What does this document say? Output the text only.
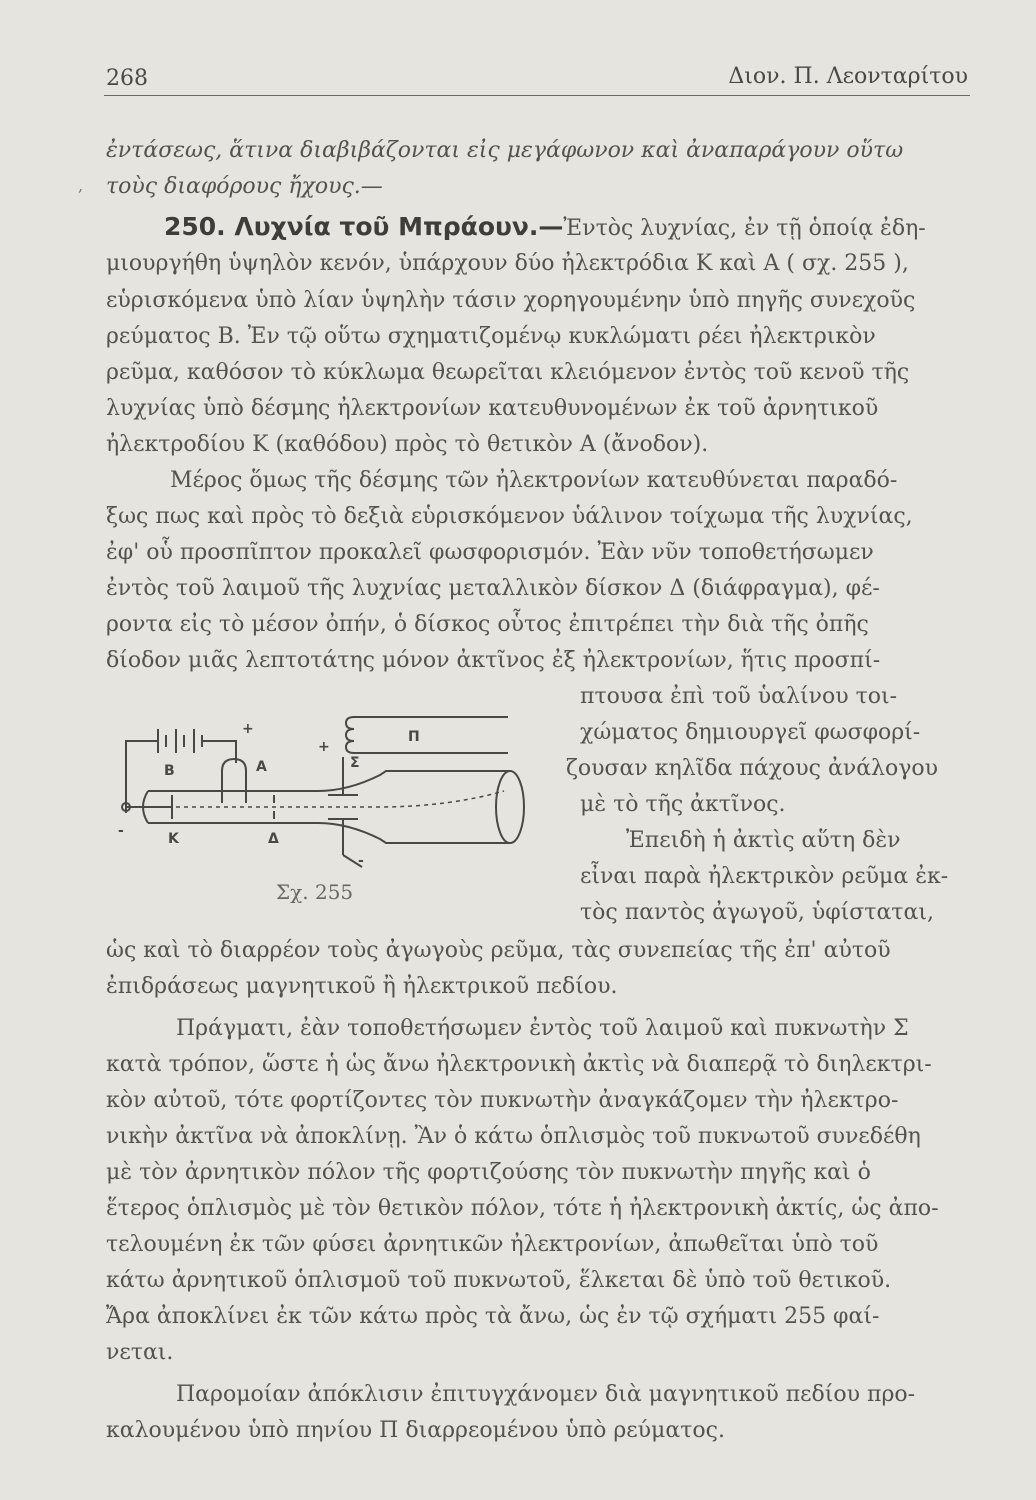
268	Διον. Π. Λεονταρίτου
,
ἐντάσεως, ἅτινα διαβιβάζονται εἰς μεγάφωνον καὶ ἀναπαράγουν οὕτω
τοὺς διαφόρους ἤχους.—
250. Λυχνία τοῦ Μπράουν.—Ἐντὸς λυχνίας, ἐν τῇ ὁποίᾳ ἐδη-
μιουργήθη ὑψηλὸν κενόν, ὑπάρχουν δύο ἠλεκτρόδια Κ καὶ Α ( σχ. 255 ),
εὑρισκόμενα ὑπὸ λίαν ὑψηλὴν τάσιν χορηγουμένην ὑπὸ πηγῆς συνεχοῦς
ρεύματος Β. Ἐν τῷ οὕτω σχηματιζομένῳ κυκλώματι ρέει ἠλεκτρικὸν
ρεῦμα, καθόσον τὸ κύκλωμα θεωρεῖται κλειόμενον ἐντὸς τοῦ κενοῦ τῆς
λυχνίας ὑπὸ δέσμης ἠλεκτρονίων κατευθυνομένων ἐκ τοῦ ἀρνητικοῦ
ἠλεκτροδίου Κ (καθόδου) πρὸς τὸ θετικὸν Α (ἄνοδον).
Μέρος ὅμως τῆς δέσμης τῶν ἠλεκτρονίων κατευθύνεται παραδό-
ξως πως καὶ πρὸς τὸ δεξιὰ εὑρισκόμενον ὑάλινον τοίχωμα τῆς λυχνίας,
ἐφ' οὗ προσπῖπτον προκαλεῖ φωσφορισμόν. Ἐὰν νῦν τοποθετήσωμεν
ἐντὸς τοῦ λαιμοῦ τῆς λυχνίας μεταλλικὸν δίσκον Δ (διάφραγμα), φέ-
ροντα εἰς τὸ μέσον ὀπήν, ὁ δίσκος οὗτος ἐπιτρέπει τὴν διὰ τῆς ὀπῆς
δίοδον μιᾶς λεπτοτάτης μόνον ἀκτῖνος ἐξ ἠλεκτρονίων, ἥτις προσπί-
πτουσα ἐπὶ τοῦ ὑαλίνου τοι-
χώματος δημιουργεῖ φωσφορί-
ζουσαν κηλῖδα πάχους ἀνάλογου
μὲ τὸ τῆς ἀκτῖνος.
Ἐπειδὴ ἡ ἀκτὶς αὕτη δὲν
εἶναι παρὰ ἠλεκτρικὸν ρεῦμα ἐκ-
τὸς παντὸς ἀγωγοῦ, ὑφίσταται,
B	A
K	Δ
Σ
Π
+
+
-
-
Σχ. 255
ὡς καὶ τὸ διαρρέον τοὺς ἀγωγοὺς ρεῦμα, τὰς συνεπείας τῆς ἐπ' αὐτοῦ
ἐπιδράσεως μαγνητικοῦ ἢ ἠλεκτρικοῦ πεδίου.
Πράγματι, ἐὰν τοποθετήσωμεν ἐντὸς τοῦ λαιμοῦ καὶ πυκνωτὴν Σ
κατὰ τρόπον, ὥστε ἡ ὡς ἄνω ἠλεκτρονικὴ ἀκτὶς νὰ διαπερᾷ τὸ διηλεκτρι-
κὸν αὐτοῦ, τότε φορτίζοντες τὸν πυκνωτὴν ἀναγκάζομεν τὴν ἠλεκτρο-
νικὴν ἀκτῖνα νὰ ἀποκλίνῃ. Ἂν ὁ κάτω ὁπλισμὸς τοῦ πυκνωτοῦ συνεδέθη
μὲ τὸν ἀρνητικὸν πόλον τῆς φορτιζούσης τὸν πυκνωτὴν πηγῆς καὶ ὁ
ἕτερος ὁπλισμὸς μὲ τὸν θετικὸν πόλον, τότε ἡ ἠλεκτρονικὴ ἀκτίς, ὡς ἀπο-
τελουμένη ἐκ τῶν φύσει ἀρνητικῶν ἠλεκτρονίων, ἀπωθεῖται ὑπὸ τοῦ
κάτω ἀρνητικοῦ ὁπλισμοῦ τοῦ πυκνωτοῦ, ἕλκεται δὲ ὑπὸ τοῦ θετικοῦ.
Ἄρα ἀποκλίνει ἐκ τῶν κάτω πρὸς τὰ ἄνω, ὡς ἐν τῷ σχήματι 255 φαί-
νεται.
Παρομοίαν ἀπόκλισιν ἐπιτυγχάνομεν διὰ μαγνητικοῦ πεδίου προ-
καλουμένου ὑπὸ πηνίου Π διαρρεομένου ὑπὸ ρεύματος.
